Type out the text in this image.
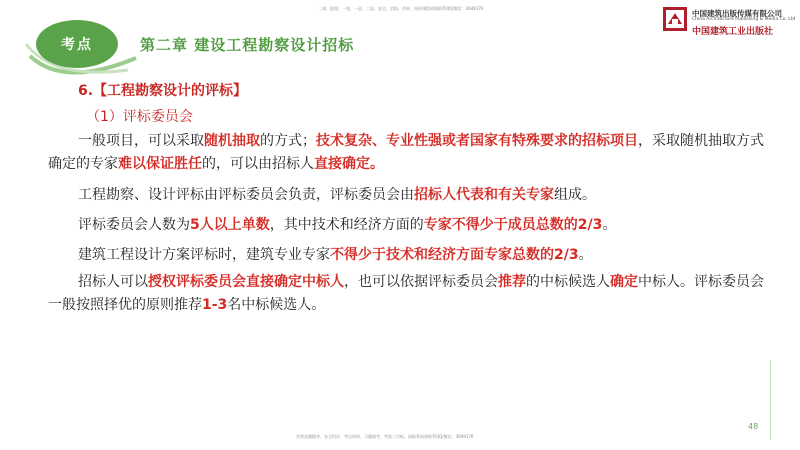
考点	第二章 建设工程勘察设计招标
二建、监理、一建、一造、二造、安全、消防、咨询、投资课程网课联系QQ/微信：3649176
中国建筑出版传媒有限公司
China Architecture Publishing & Media Co. Ltd
中国建筑工业出版社
6.【工程勘察设计的评标】
（1）评标委员会
一般项目，可以采取随机抽取的方式；技术复杂、专业性强或者国家有特殊要求的招标项目，采取随机抽取方式确定的专家难以保证胜任的，可以由招标人直接确定。
工程勘察、设计评标由评标委员会负责，评标委员会由招标人代表和有关专家组成。
评标委员会人数为5人以上单数，其中技术和经济方面的专家不得少于成员总数的2/3。
建筑工程设计方案评标时，建筑专业专家不得少于技术和经济方面专家总数的2/3。
招标人可以授权评标委员会直接确定中标人，也可以依据评标委员会推荐的中标候选人确定中标人。评标委员会一般按照择优的原则推荐1-3名中标候选人。
48
免费直播精华、各全科评、考点串讲、习题刷考、考前三页纸，请联系网课联系QQ/微信：3649176
